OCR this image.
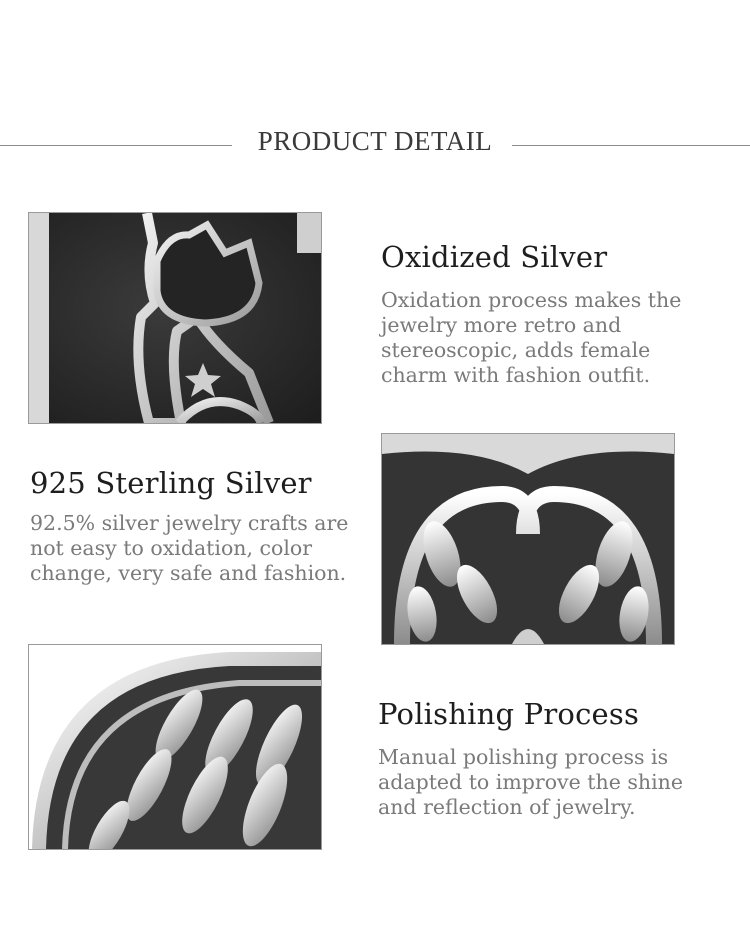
PRODUCT DETAIL
Oxidized Silver

Oxidation process makes the jewelry more retro and stereoscopic, adds female charm with fashion outfit.

925 Sterling Silver

92.5% silver jewelry crafts are not easy to oxidation, color change, very safe and fashion.

Polishing Process

Manual polishing process is adapted to improve the shine and reflection of jewelry.
